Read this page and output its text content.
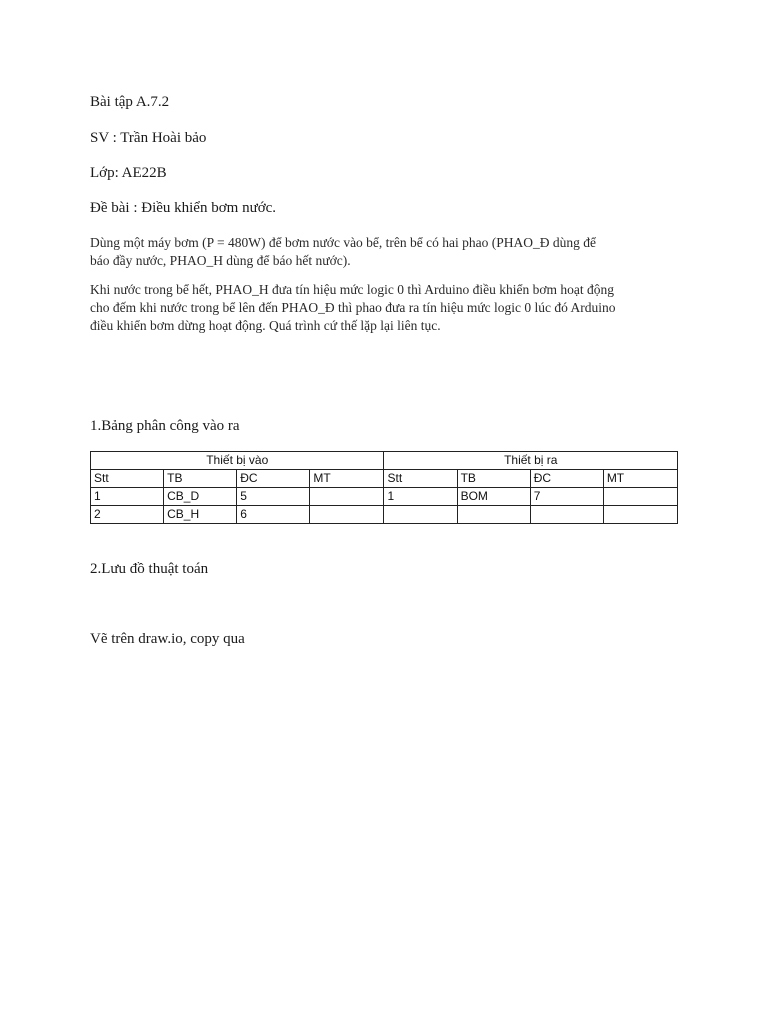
Bài tập A.7.2
SV : Trần Hoài bảo
Lớp: AE22B
Đề bài : Điều khiển bơm nước.
Dùng một máy bơm (P = 480W) để bơm nước vào bể, trên bể có hai phao (PHAO_Đ dùng để
báo đầy nước, PHAO_H dùng để báo hết nước).
Khi nước trong bể hết, PHAO_H đưa tín hiệu mức logic 0 thì Arduino điều khiển bơm hoạt động
cho đếm khi nước trong bể lên đến PHAO_Đ thì phao đưa ra tín hiệu mức logic 0 lúc đó Arduino
điều khiển bơm dừng hoạt động. Quá trình cứ thế lặp lại liên tục.
1.Bảng phân công vào ra
Thiết bị vào				Thiết bị ra			
Stt	TB	ĐC	MT	Stt	TB	ĐC	MT
1	CB_D	5		1	BOM	7	
2	CB_H	6					
2.Lưu đồ thuật toán
Vẽ trên draw.io, copy qua
